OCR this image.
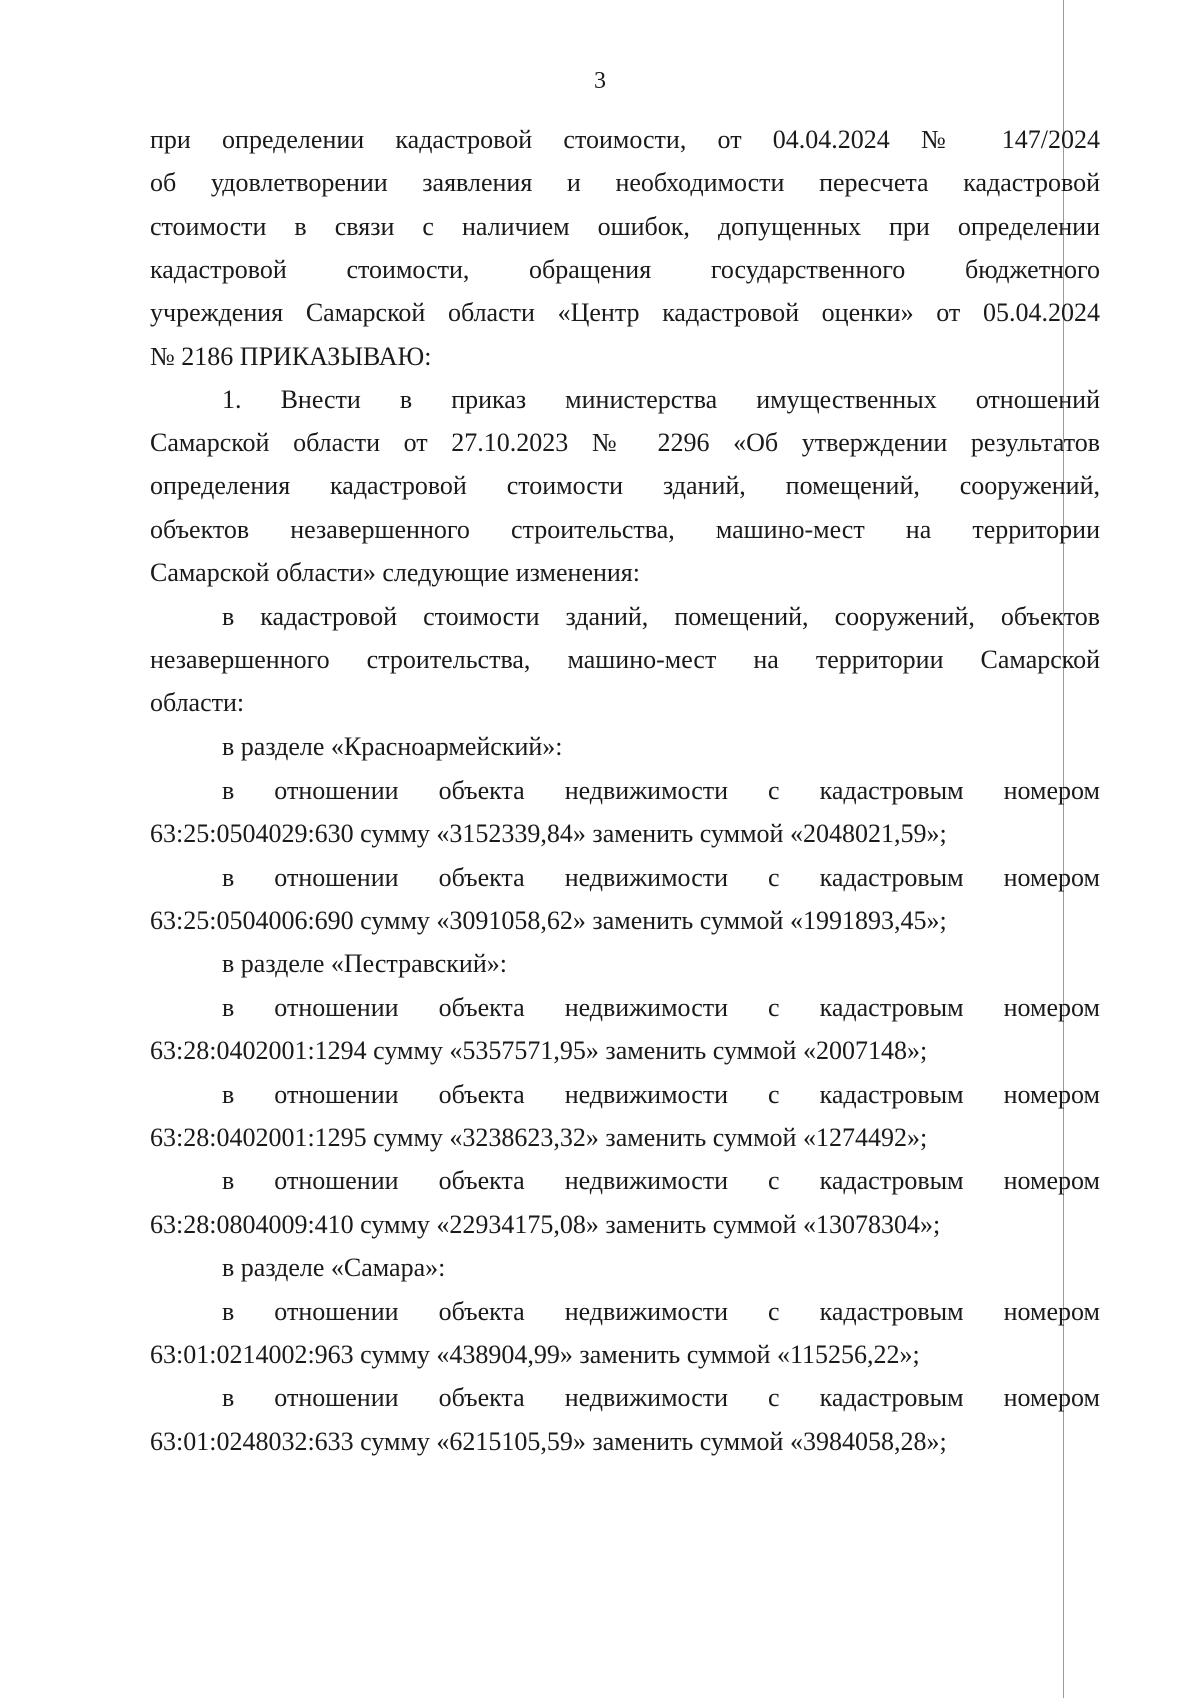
3
при определении кадастровой стоимости, от 04.04.2024 № 147/2024
об удовлетворении заявления и необходимости пересчета кадастровой
стоимости в связи с наличием ошибок, допущенных при определении
кадастровой стоимости, обращения государственного бюджетного
учреждения Самарской области «Центр кадастровой оценки» от 05.04.2024
№ 2186 ПРИКАЗЫВАЮ:
1. Внести в приказ министерства имущественных отношений
Самарской области от 27.10.2023 № 2296 «Об утверждении результатов
определения кадастровой стоимости зданий, помещений, сооружений,
объектов незавершенного строительства, машино-мест на территории
Самарской области» следующие изменения:
в кадастровой стоимости зданий, помещений, сооружений, объектов
незавершенного строительства, машино-мест на территории Самарской
области:
в разделе «Красноармейский»:
в отношении объекта недвижимости с кадастровым номером
63:25:0504029:630 сумму «3152339,84» заменить суммой «2048021,59»;
в отношении объекта недвижимости с кадастровым номером
63:25:0504006:690 сумму «3091058,62» заменить суммой «1991893,45»;
в разделе «Пестравский»:
в отношении объекта недвижимости с кадастровым номером
63:28:0402001:1294 сумму «5357571,95» заменить суммой «2007148»;
в отношении объекта недвижимости с кадастровым номером
63:28:0402001:1295 сумму «3238623,32» заменить суммой «1274492»;
в отношении объекта недвижимости с кадастровым номером
63:28:0804009:410 сумму «22934175,08» заменить суммой «13078304»;
в разделе «Самара»:
в отношении объекта недвижимости с кадастровым номером
63:01:0214002:963 сумму «438904,99» заменить суммой «115256,22»;
в отношении объекта недвижимости с кадастровым номером
63:01:0248032:633 сумму «6215105,59» заменить суммой «3984058,28»;
